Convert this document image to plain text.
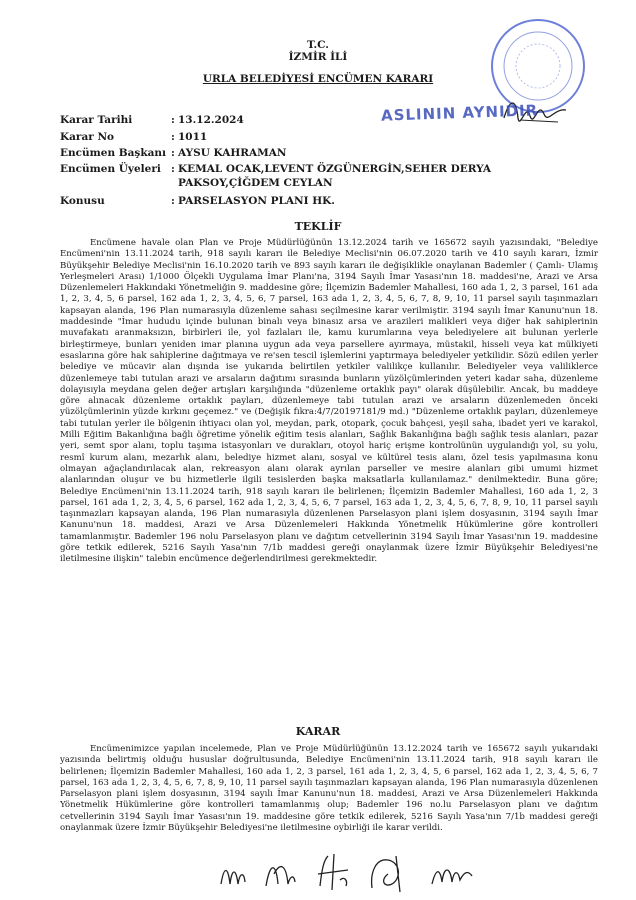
T.C.
İZMİR İLİ
URLA BELEDİYESİ ENCÜMEN KARARI
ASLININ AYNIDIR
Karar Tarihi	: 13.12.2024
Karar No	: 1011
Encümen Başkanı : AYSU KAHRAMAN
Encümen Üyeleri : KEMAL OCAK,LEVENT ÖZGÜNERGİN,SEHER DERYA PAKSOY,ÇİĞDEM CEYLAN
Konusu	: PARSELASYON PLANI HK.
TEKLİF

Encümene havale olan Plan ve Proje Müdürlüğünün 13.12.2024 tarih ve 165672 sayılı yazısındaki, "Belediye Encümeni'nin 13.11.2024 tarih, 918 sayılı kararı ile Belediye Meclisi'nin 06.07.2020 tarih ve 410 sayılı kararı, İzmir Büyükşehir Belediye Meclisi'nin 16.10.2020 tarih ve 893 sayılı kararı ile değişiklikle onaylanan Bademler ( Çamlı- Ulamış Yerleşmeleri Arası) 1/1000 Ölçekli Uygulama İmar Planı'na, 3194 Sayılı İmar Yasası'nın 18. maddesi'ne, Arazi ve Arsa Düzenlemeleri Hakkındaki Yönetmeliğin 9. maddesine göre; İlçemizin Bademler Mahallesi, 160 ada 1, 2, 3 parsel, 161 ada 1, 2, 3, 4, 5, 6 parsel, 162 ada 1, 2, 3, 4, 5, 6, 7 parsel, 163 ada 1, 2, 3, 4, 5, 6, 7, 8, 9, 10, 11 parsel sayılı taşınmazları kapsayan alanda, 196 Plan numarasıyla düzenleme sahası seçilmesine karar verilmiştir. 3194 sayılı İmar Kanunu'nun 18. maddesinde "İmar hududu içinde bulunan binalı veya binasız arsa ve arazileri malikleri veya diğer hak sahiplerinin muvafakatı aranmaksızın, birbirleri ile, yol fazlaları ile, kamu kurumlarına veya belediyelere ait bulunan yerlerle birleştirmeye, bunları yeniden imar planına uygun ada veya parsellere ayırmaya, müstakil, hisseli veya kat mülkiyeti esaslarına göre hak sahiplerine dağıtmaya ve re'sen tescil işlemlerini yaptırmaya belediyeler yetkilidir. Sözü edilen yerler belediye ve mücavir alan dışında ise yukarıda belirtilen yetkiler valilikçe kullanılır. Belediyeler veya valiliklerce düzenlemeye tabi tutulan arazi ve arsaların dağıtımı sırasında bunların yüzölçümlerinden yeteri kadar saha, düzenleme dolayısıyla meydana gelen değer artışları karşılığında "düzenleme ortaklık payı" olarak düşülebilir. Ancak, bu maddeye göre alınacak düzenleme ortaklık payları, düzenlemeye tabi tutulan arazi ve arsaların düzenlemeden önceki yüzölçümlerinin yüzde kırkını geçemez." ve (Değişik fıkra:4/7/20197181/9 md.) "Düzenleme ortaklık payları, düzenlemeye tabi tutulan yerler ile bölgenin ihtiyacı olan yol, meydan, park, otopark, çocuk bahçesi, yeşil saha, ibadet yeri ve karakol, Milli Eğitim Bakanlığına bağlı öğretime yönelik eğitim tesis alanları, Sağlık Bakanlığına bağlı sağlık tesis alanları, pazar yeri, semt spor alanı, toplu taşıma istasyonları ve durakları, otoyol hariç erişme kontrolünün uygulandığı yol, su yolu, resmî kurum alanı, mezarlık alanı, belediye hizmet alanı, sosyal ve kültürel tesis alanı, özel tesis yapılmasına konu olmayan ağaçlandırılacak alan, rekreasyon alanı olarak ayrılan parseller ve mesire alanları gibi umumi hizmet alanlarından oluşur ve bu hizmetlerle ilgili tesislerden başka maksatlarla kullanılamaz." denilmektedir. Buna göre; Belediye Encümeni'nin 13.11.2024 tarih, 918 sayılı kararı ile belirlenen; İlçemizin Bademler Mahallesi, 160 ada 1, 2, 3 parsel, 161 ada 1, 2, 3, 4, 5, 6 parsel, 162 ada 1, 2, 3, 4, 5, 6, 7 parsel, 163 ada 1, 2, 3, 4, 5, 6, 7, 8, 9, 10, 11 parsel sayılı taşınmazları kapsayan alanda, 196 Plan numarasıyla düzenlenen Parselasyon plani işlem dosyasının, 3194 sayılı İmar Kanunu'nun 18. maddesi, Arazi ve Arsa Düzenlemeleri Hakkında Yönetmelik Hükümlerine göre kontrolleri tamamlanmıştır. Bademler 196 nolu Parselasyon planı ve dağıtım cetvellerinin 3194 Sayılı İmar Yasası'nın 19. maddesine göre tetkik edilerek, 5216 Sayılı Yasa'nın 7/1b maddesi gereği onaylanmak üzere İzmir Büyükşehir Belediyesi'ne iletilmesine ilişkin" talebin encümence değerlendirilmesi gerekmektedir.

KARAR

Encümenimizce yapılan incelemede, Plan ve Proje Müdürlüğünün 13.12.2024 tarih ve 165672 sayılı yukarıdaki yazısında belirtmiş olduğu hususlar doğrultusunda, Belediye Encümeni'nin 13.11.2024 tarih, 918 sayılı kararı ile belirlenen; İlçemizin Bademler Mahallesi, 160 ada 1, 2, 3 parsel, 161 ada 1, 2, 3, 4, 5, 6 parsel, 162 ada 1, 2, 3, 4, 5, 6, 7 parsel, 163 ada 1, 2, 3, 4, 5, 6, 7, 8, 9, 10, 11 parsel sayılı taşınmazları kapsayan alanda, 196 Plan numarasıyla düzenlenen Parselasyon plani işlem dosyasının, 3194 sayılı İmar Kanunu'nun 18. maddesi, Arazi ve Arsa Düzenlemeleri Hakkında Yönetmelik Hükümlerine göre kontrolleri tamamlanmış olup; Bademler 196 no.lu Parselasyon planı ve dağıtım cetvellerinin 3194 Sayılı İmar Yasası'nın 19. maddesine göre tetkik edilerek, 5216 Sayılı Yasa'nın 7/1b maddesi gereği onaylanmak üzere İzmir Büyükşehir Belediyesi'ne iletilmesine oybirliği ile karar verildi.
